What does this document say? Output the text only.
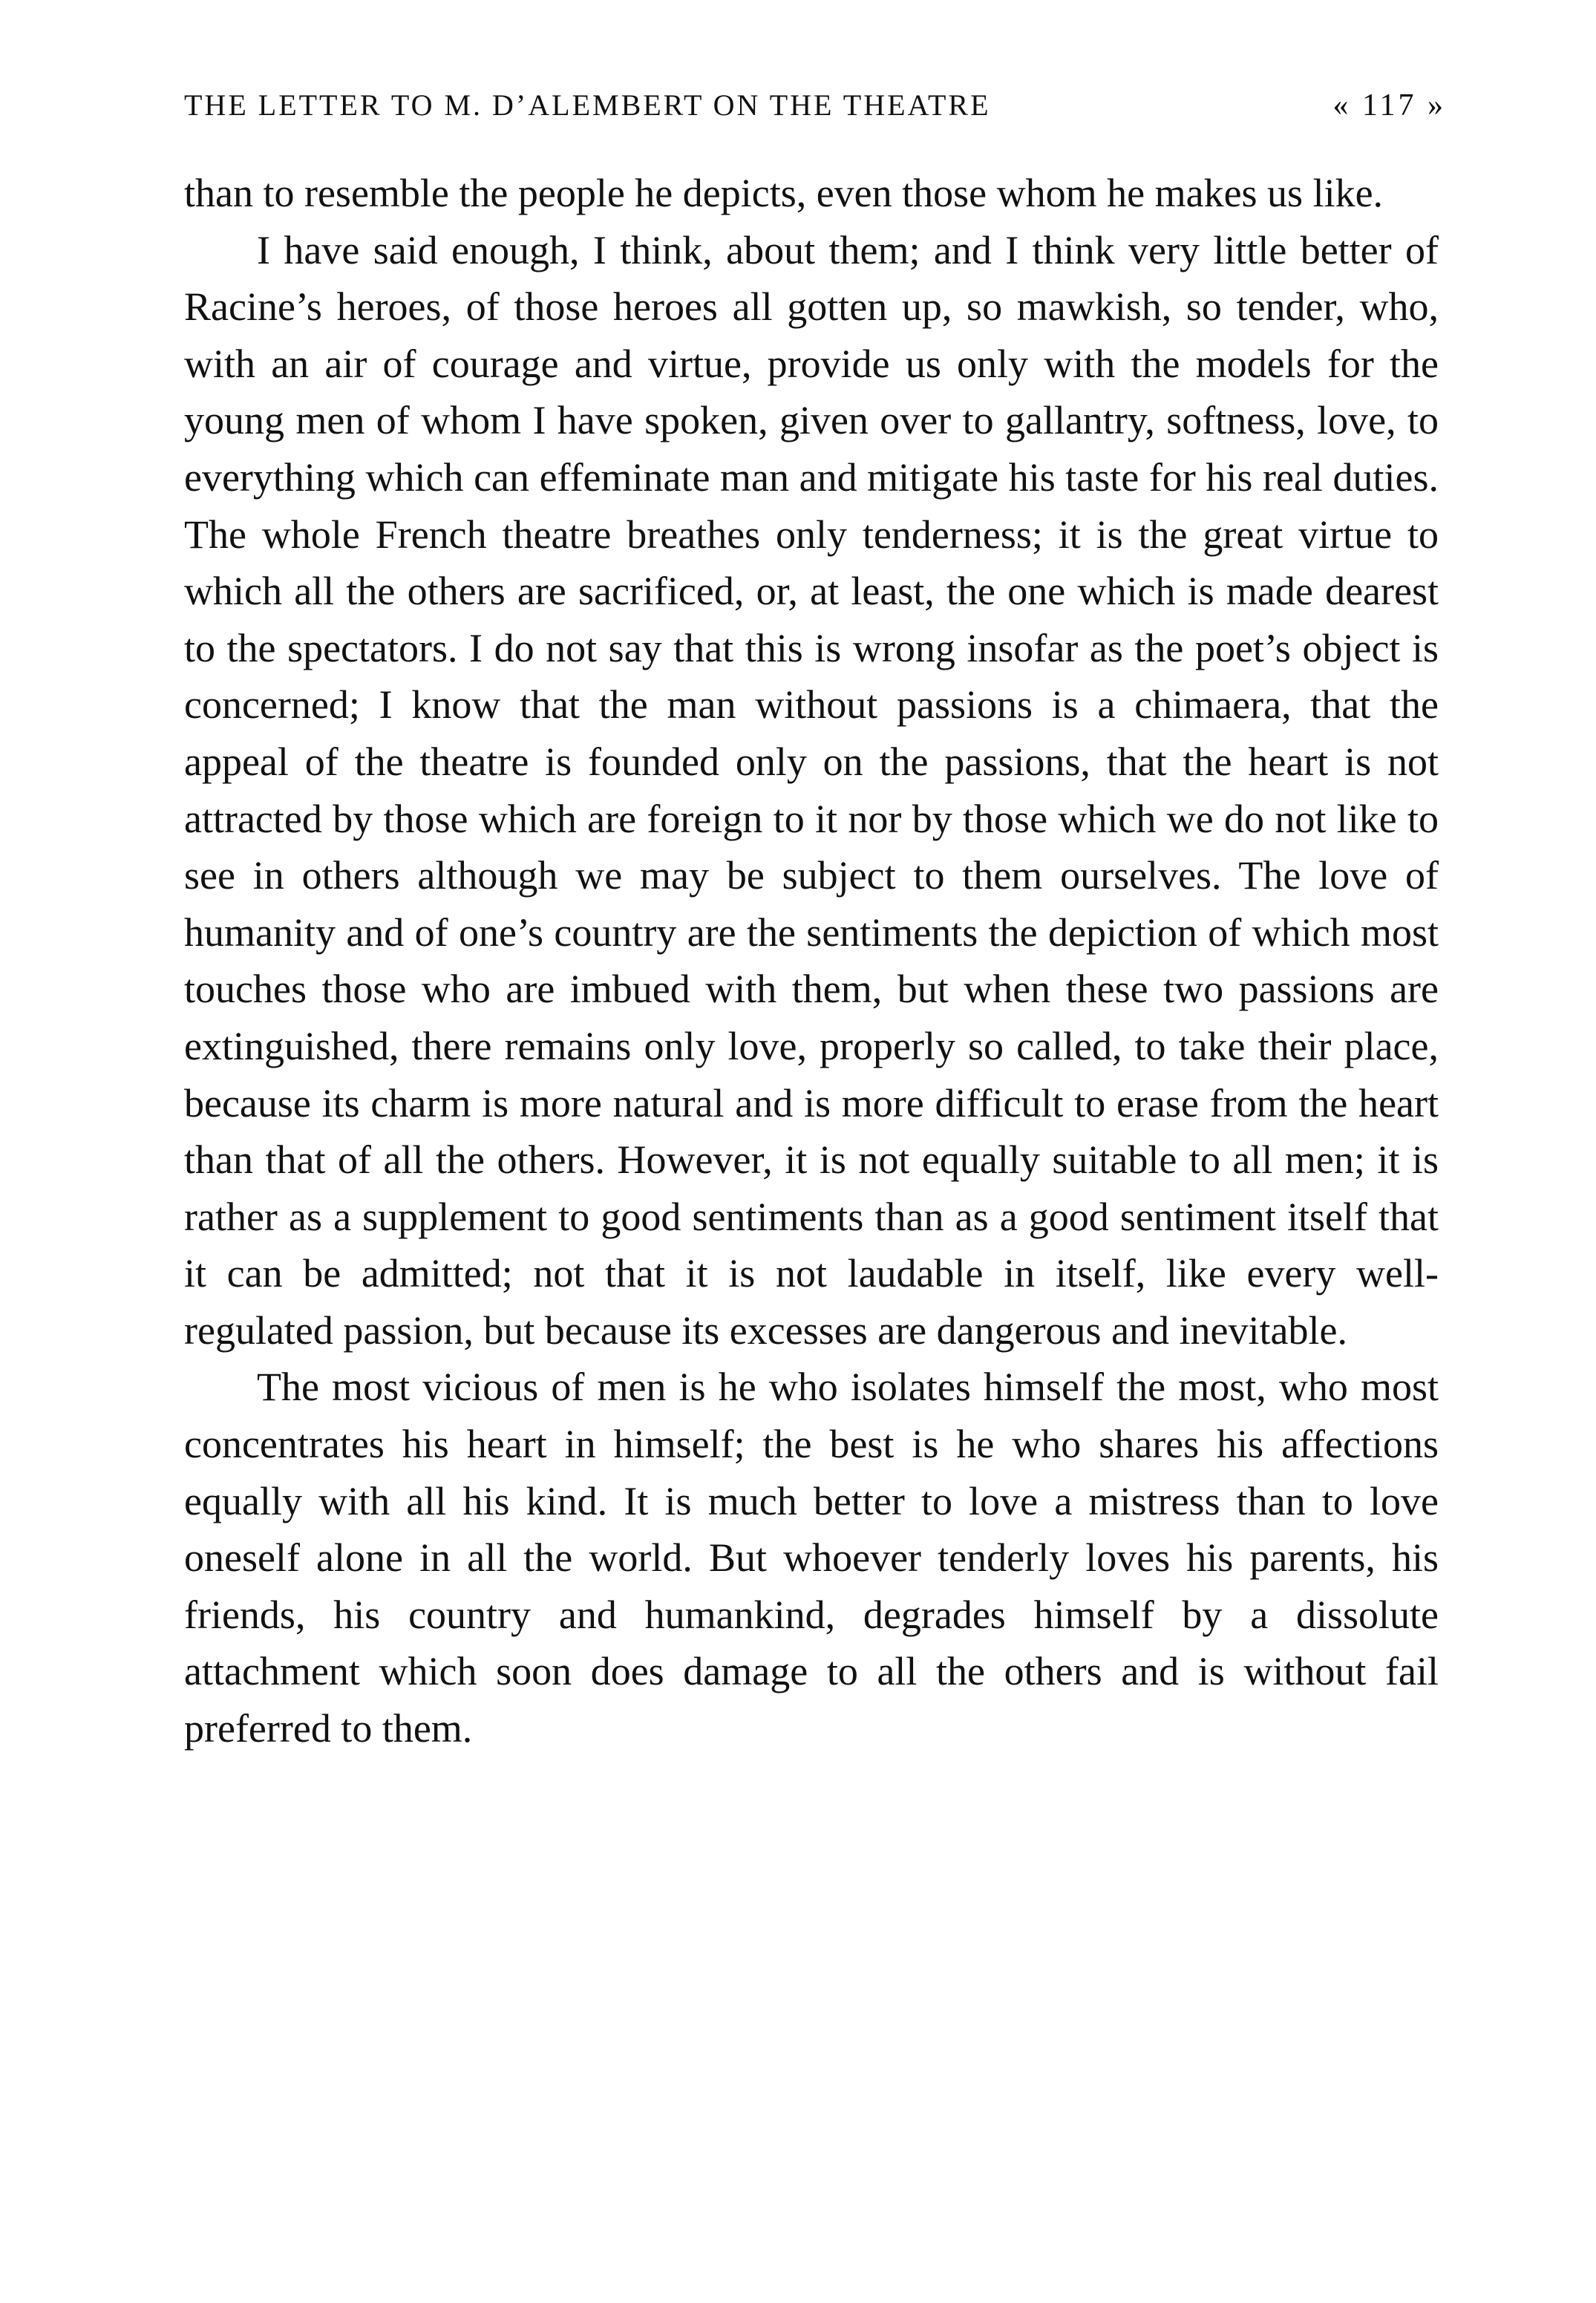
THE LETTER TO M. D’ALEMBERT ON THE THEATRE	« 117 »

than to resemble the people he depicts, even those whom he makes us like.

I have said enough, I think, about them; and I think very little better of Racine’s heroes, of those heroes all gotten up, so mawkish, so tender, who, with an air of courage and virtue, provide us only with the models for the young men of whom I have spoken, given over to gallantry, softness, love, to everything which can effeminate man and mitigate his taste for his real duties. The whole French theatre breathes only tenderness; it is the great virtue to which all the others are sacrificed, or, at least, the one which is made dearest to the spectators. I do not say that this is wrong insofar as the poet’s object is concerned; I know that the man without passions is a chimaera, that the appeal of the theatre is founded only on the passions, that the heart is not attracted by those which are foreign to it nor by those which we do not like to see in others although we may be subject to them ourselves. The love of humanity and of one’s country are the sentiments the depiction of which most touches those who are imbued with them, but when these two passions are extinguished, there remains only love, properly so called, to take their place, because its charm is more natural and is more difficult to erase from the heart than that of all the others. However, it is not equally suitable to all men; it is rather as a supplement to good sentiments than as a good sentiment itself that it can be admitted; not that it is not laudable in itself, like every well-regulated passion, but because its excesses are dangerous and inevitable.

The most vicious of men is he who isolates himself the most, who most concentrates his heart in himself; the best is he who shares his affections equally with all his kind. It is much better to love a mistress than to love oneself alone in all the world. But whoever tenderly loves his parents, his friends, his country and humankind, degrades himself by a dissolute attachment which soon does damage to all the others and is without fail preferred to them.
